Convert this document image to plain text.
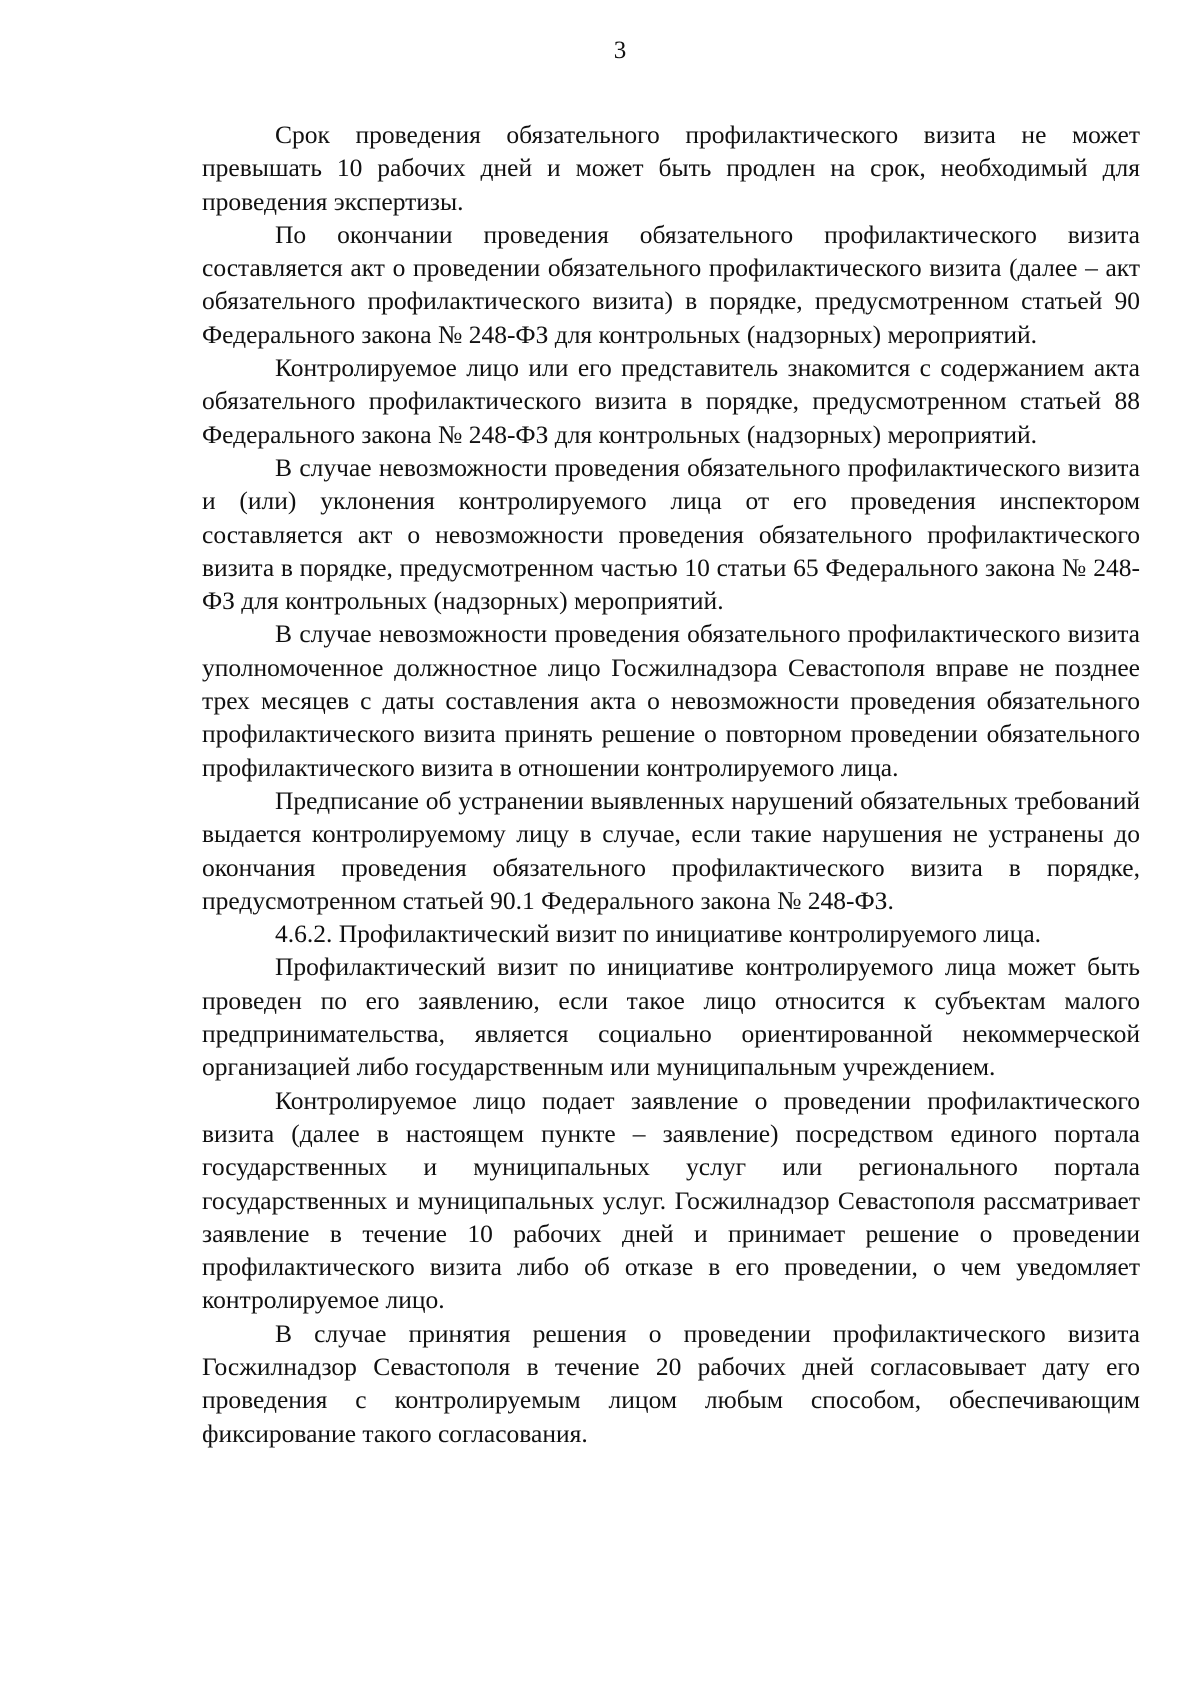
3

Срок проведения обязательного профилактического визита не может превышать 10 рабочих дней и может быть продлен на срок, необходимый для проведения экспертизы.

По окончании проведения обязательного профилактического визита составляется акт о проведении обязательного профилактического визита (далее – акт обязательного профилактического визита) в порядке, предусмотренном статьей 90 Федерального закона № 248-ФЗ для контрольных (надзорных) мероприятий.

Контролируемое лицо или его представитель знакомится с содержанием акта обязательного профилактического визита в порядке, предусмотренном статьей 88 Федерального закона № 248-ФЗ для контрольных (надзорных) мероприятий.

В случае невозможности проведения обязательного профилактического визита и (или) уклонения контролируемого лица от его проведения инспектором составляется акт о невозможности проведения обязательного профилактического визита в порядке, предусмотренном частью 10 статьи 65 Федерального закона № 248-ФЗ для контрольных (надзорных) мероприятий.

В случае невозможности проведения обязательного профилактического визита уполномоченное должностное лицо Госжилнадзора Севастополя вправе не позднее трех месяцев с даты составления акта о невозможности проведения обязательного профилактического визита принять решение о повторном проведении обязательного профилактического визита в отношении контролируемого лица.

Предписание об устранении выявленных нарушений обязательных требований выдается контролируемому лицу в случае, если такие нарушения не устранены до окончания проведения обязательного профилактического визита в порядке, предусмотренном статьей 90.1 Федерального закона № 248-ФЗ.

4.6.2. Профилактический визит по инициативе контролируемого лица.

Профилактический визит по инициативе контролируемого лица может быть проведен по его заявлению, если такое лицо относится к субъектам малого предпринимательства, является социально ориентированной некоммерческой организацией либо государственным или муниципальным учреждением.

Контролируемое лицо подает заявление о проведении профилактического визита (далее в настоящем пункте – заявление) посредством единого портала государственных и муниципальных услуг или регионального портала государственных и муниципальных услуг. Госжилнадзор Севастополя рассматривает заявление в течение 10 рабочих дней и принимает решение о проведении профилактического визита либо об отказе в его проведении, о чем уведомляет контролируемое лицо.

В случае принятия решения о проведении профилактического визита Госжилнадзор Севастополя в течение 20 рабочих дней согласовывает дату его проведения с контролируемым лицом любым способом, обеспечивающим фиксирование такого согласования.
